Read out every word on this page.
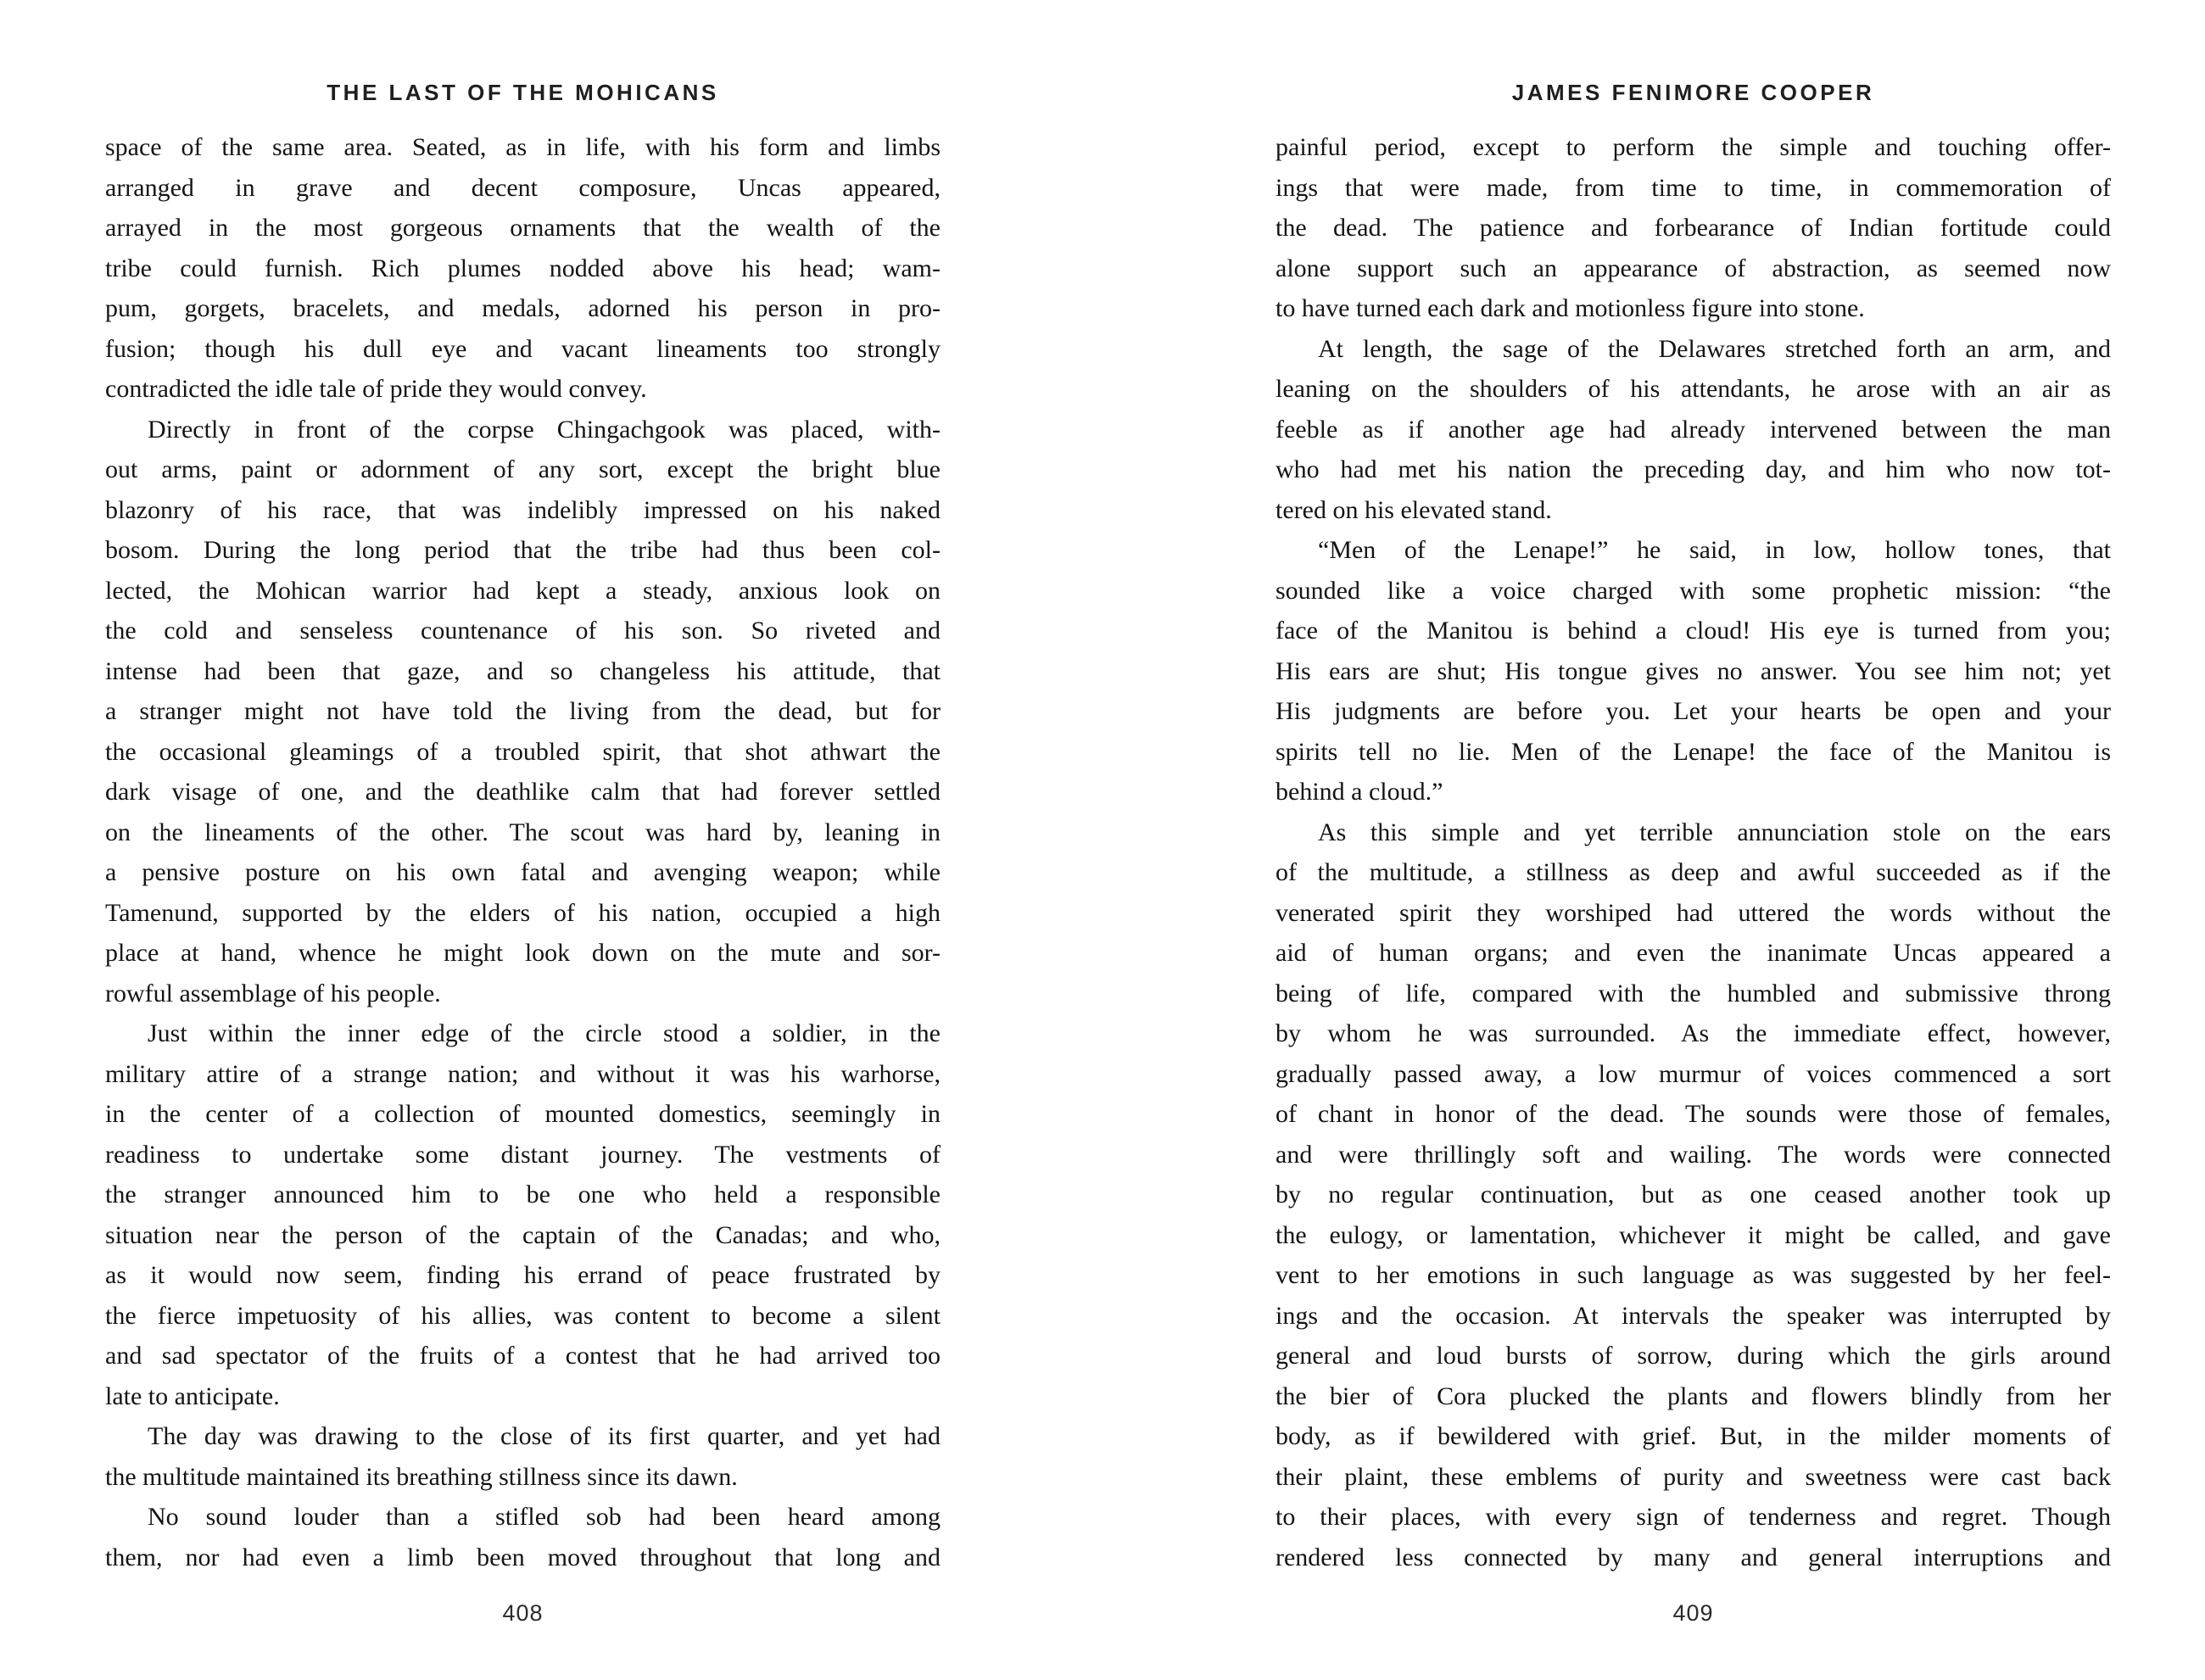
THE LAST OF THE MOHICANS	JAMES FENIMORE COOPER
space of the same area. Seated, as in life, with his form and limbs
arranged in grave and decent composure, Uncas appeared,
arrayed in the most gorgeous ornaments that the wealth of the
tribe could furnish. Rich plumes nodded above his head; wam-
pum, gorgets, bracelets, and medals, adorned his person in pro-
fusion; though his dull eye and vacant lineaments too strongly
contradicted the idle tale of pride they would convey.
Directly in front of the corpse Chingachgook was placed, with-
out arms, paint or adornment of any sort, except the bright blue
blazonry of his race, that was indelibly impressed on his naked
bosom. During the long period that the tribe had thus been col-
lected, the Mohican warrior had kept a steady, anxious look on
the cold and senseless countenance of his son. So riveted and
intense had been that gaze, and so changeless his attitude, that
a stranger might not have told the living from the dead, but for
the occasional gleamings of a troubled spirit, that shot athwart the
dark visage of one, and the deathlike calm that had forever settled
on the lineaments of the other. The scout was hard by, leaning in
a pensive posture on his own fatal and avenging weapon; while
Tamenund, supported by the elders of his nation, occupied a high
place at hand, whence he might look down on the mute and sor-
rowful assemblage of his people.
Just within the inner edge of the circle stood a soldier, in the
military attire of a strange nation; and without it was his warhorse,
in the center of a collection of mounted domestics, seemingly in
readiness to undertake some distant journey. The vestments of
the stranger announced him to be one who held a responsible
situation near the person of the captain of the Canadas; and who,
as it would now seem, finding his errand of peace frustrated by
the fierce impetuosity of his allies, was content to become a silent
and sad spectator of the fruits of a contest that he had arrived too
late to anticipate.
The day was drawing to the close of its first quarter, and yet had
the multitude maintained its breathing stillness since its dawn.
No sound louder than a stifled sob had been heard among
them, nor had even a limb been moved throughout that long and
painful period, except to perform the simple and touching offer-
ings that were made, from time to time, in commemoration of
the dead. The patience and forbearance of Indian fortitude could
alone support such an appearance of abstraction, as seemed now
to have turned each dark and motionless figure into stone.
At length, the sage of the Delawares stretched forth an arm, and
leaning on the shoulders of his attendants, he arose with an air as
feeble as if another age had already intervened between the man
who had met his nation the preceding day, and him who now tot-
tered on his elevated stand.
“Men of the Lenape!” he said, in low, hollow tones, that
sounded like a voice charged with some prophetic mission: “the
face of the Manitou is behind a cloud! His eye is turned from you;
His ears are shut; His tongue gives no answer. You see him not; yet
His judgments are before you. Let your hearts be open and your
spirits tell no lie. Men of the Lenape! the face of the Manitou is
behind a cloud.”
As this simple and yet terrible annunciation stole on the ears
of the multitude, a stillness as deep and awful succeeded as if the
venerated spirit they worshiped had uttered the words without the
aid of human organs; and even the inanimate Uncas appeared a
being of life, compared with the humbled and submissive throng
by whom he was surrounded. As the immediate effect, however,
gradually passed away, a low murmur of voices commenced a sort
of chant in honor of the dead. The sounds were those of females,
and were thrillingly soft and wailing. The words were connected
by no regular continuation, but as one ceased another took up
the eulogy, or lamentation, whichever it might be called, and gave
vent to her emotions in such language as was suggested by her feel-
ings and the occasion. At intervals the speaker was interrupted by
general and loud bursts of sorrow, during which the girls around
the bier of Cora plucked the plants and flowers blindly from her
body, as if bewildered with grief. But, in the milder moments of
their plaint, these emblems of purity and sweetness were cast back
to their places, with every sign of tenderness and regret. Though
rendered less connected by many and general interruptions and
408	409
